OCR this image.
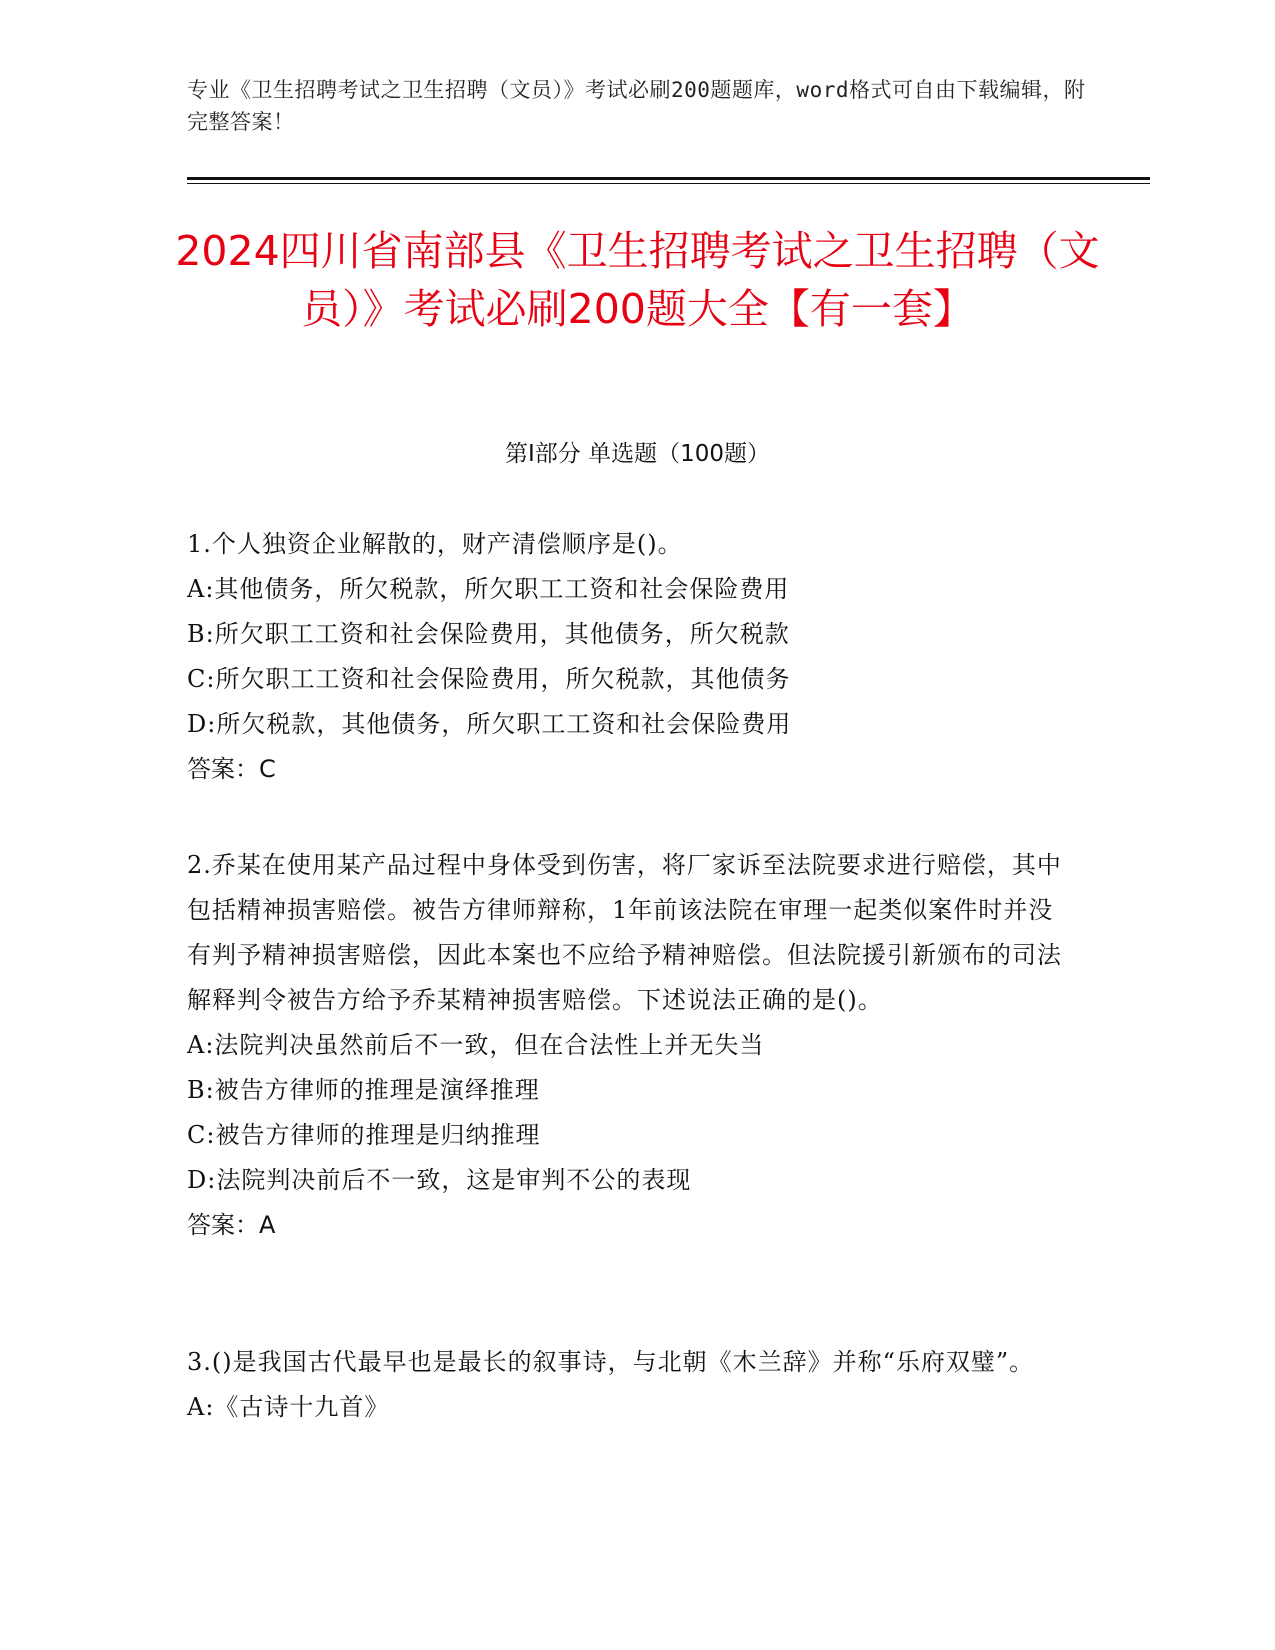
专业《卫生招聘考试之卫生招聘（文员）》考试必刷200题题库，word格式可自由下载编辑，附完整答案！
2024四川省南部县《卫生招聘考试之卫生招聘（文员）》考试必刷200题大全【有一套】
第I部分 单选题（100题）
1.个人独资企业解散的，财产清偿顺序是()。
A:其他债务，所欠税款，所欠职工工资和社会保险费用
B:所欠职工工资和社会保险费用，其他债务，所欠税款
C:所欠职工工资和社会保险费用，所欠税款，其他债务
D:所欠税款，其他债务，所欠职工工资和社会保险费用
答案：C
2.乔某在使用某产品过程中身体受到伤害，将厂家诉至法院要求进行赔偿，其中包括精神损害赔偿。被告方律师辩称，1年前该法院在审理一起类似案件时并没有判予精神损害赔偿，因此本案也不应给予精神赔偿。但法院援引新颁布的司法解释判令被告方给予乔某精神损害赔偿。下述说法正确的是()。
A:法院判决虽然前后不一致，但在合法性上并无失当
B:被告方律师的推理是演绎推理
C:被告方律师的推理是归纳推理
D:法院判决前后不一致，这是审判不公的表现
答案：A
3.()是我国古代最早也是最长的叙事诗，与北朝《木兰辞》并称“乐府双璧”。
A:《古诗十九首》
